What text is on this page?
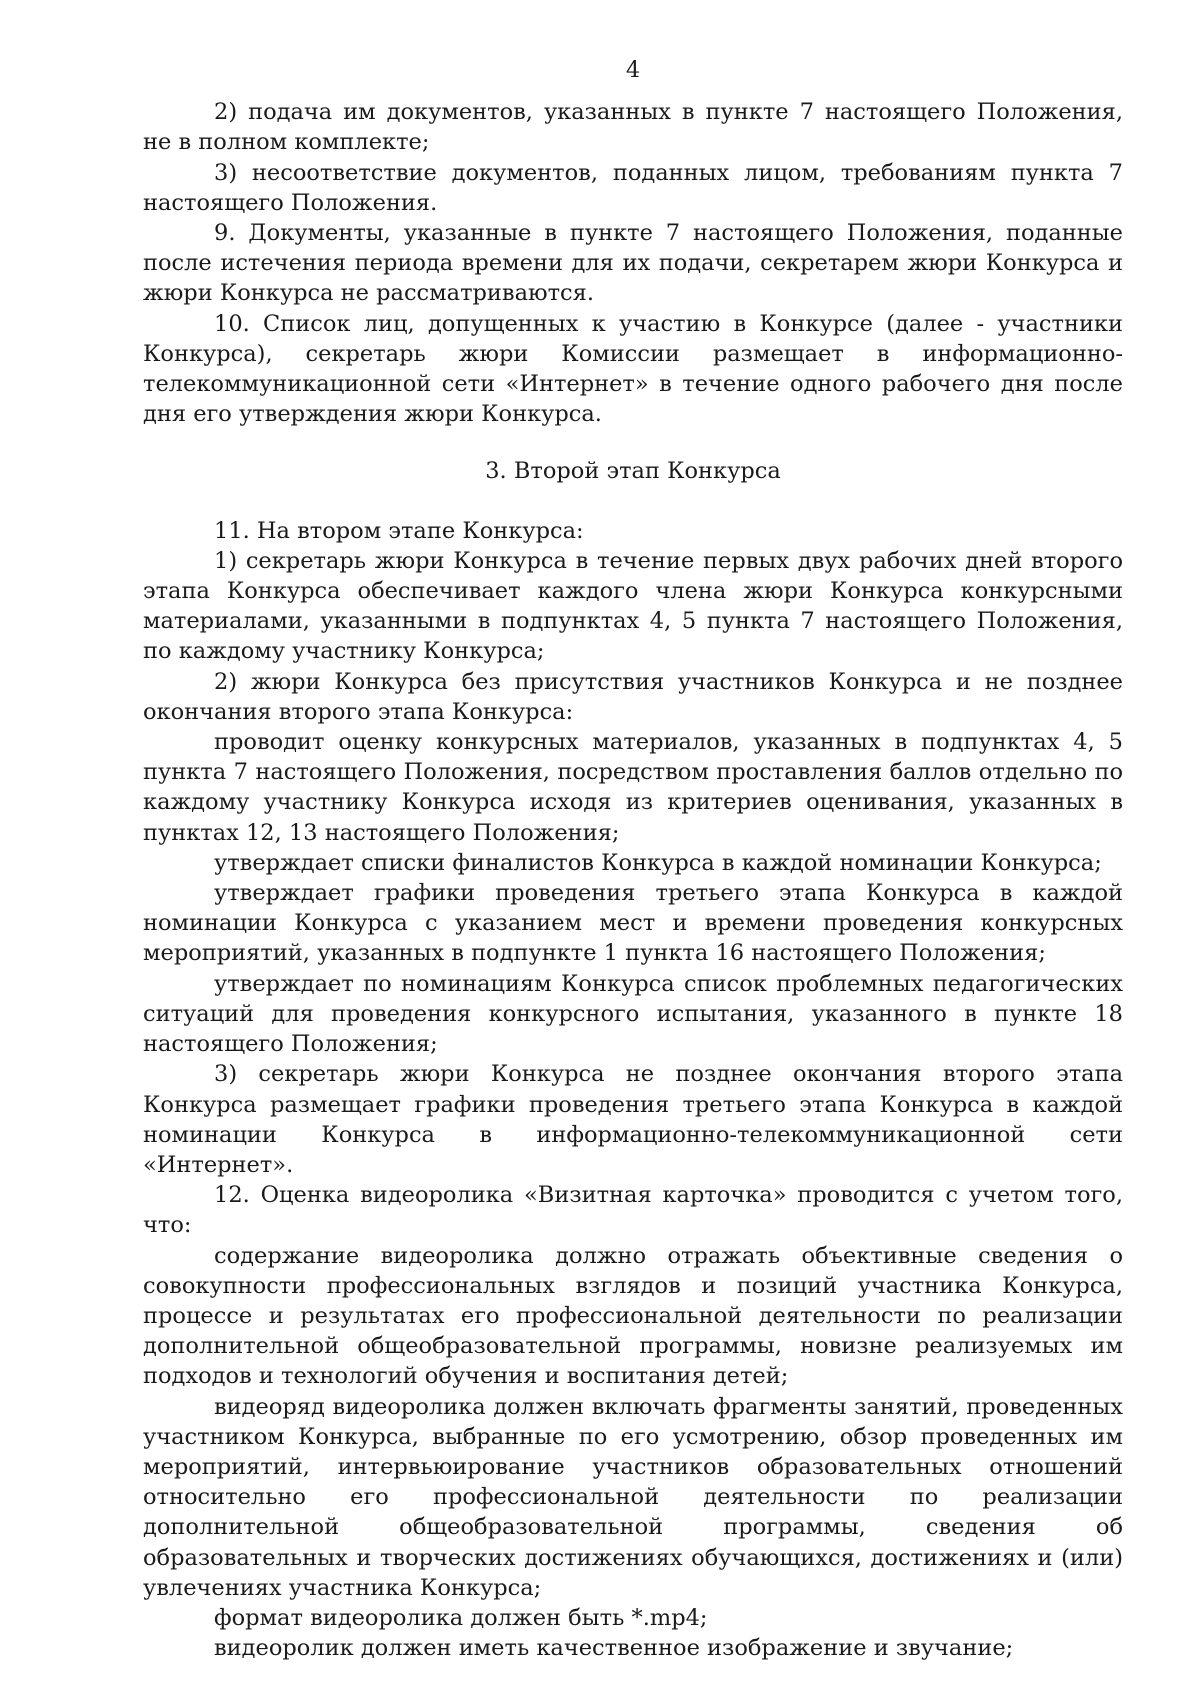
4

2) подача им документов, указанных в пункте 7 настоящего Положения, не в полном комплекте;

3) несоответствие документов, поданных лицом, требованиям пункта 7 настоящего Положения.

9. Документы, указанные в пункте 7 настоящего Положения, поданные после истечения периода времени для их подачи, секретарем жюри Конкурса и жюри Конкурса не рассматриваются.

10. Список лиц, допущенных к участию в Конкурсе (далее - участники Конкурса), секретарь жюри Комиссии размещает в информационно-телекоммуникационной сети «Интернет» в течение одного рабочего дня после дня его утверждения жюри Конкурса.

3. Второй этап Конкурса

11. На втором этапе Конкурса:

1) секретарь жюри Конкурса в течение первых двух рабочих дней второго этапа Конкурса обеспечивает каждого члена жюри Конкурса конкурсными материалами, указанными в подпунктах 4, 5 пункта 7 настоящего Положения, по каждому участнику Конкурса;

2) жюри Конкурса без присутствия участников Конкурса и не позднее окончания второго этапа Конкурса:

проводит оценку конкурсных материалов, указанных в подпунктах 4, 5 пункта 7 настоящего Положения, посредством проставления баллов отдельно по каждому участнику Конкурса исходя из критериев оценивания, указанных в пунктах 12, 13 настоящего Положения;

утверждает списки финалистов Конкурса в каждой номинации Конкурса;

утверждает графики проведения третьего этапа Конкурса в каждой номинации Конкурса с указанием мест и времени проведения конкурсных мероприятий, указанных в подпункте 1 пункта 16 настоящего Положения;

утверждает по номинациям Конкурса список проблемных педагогических ситуаций для проведения конкурсного испытания, указанного в пункте 18 настоящего Положения;

3) секретарь жюри Конкурса не позднее окончания второго этапа Конкурса размещает графики проведения третьего этапа Конкурса в каждой номинации Конкурса в информационно-телекоммуникационной сети «Интернет».

12. Оценка видеоролика «Визитная карточка» проводится с учетом того, что:

содержание видеоролика должно отражать объективные сведения о совокупности профессиональных взглядов и позиций участника Конкурса, процессе и результатах его профессиональной деятельности по реализации дополнительной общеобразовательной программы, новизне реализуемых им подходов и технологий обучения и воспитания детей;

видеоряд видеоролика должен включать фрагменты занятий, проведенных участником Конкурса, выбранные по его усмотрению, обзор проведенных им мероприятий, интервьюирование участников образовательных отношений относительно его профессиональной деятельности по реализации дополнительной общеобразовательной программы, сведения об образовательных и творческих достижениях обучающихся, достижениях и (или) увлечениях участника Конкурса;

формат видеоролика должен быть *.mp4;

видеоролик должен иметь качественное изображение и звучание;
